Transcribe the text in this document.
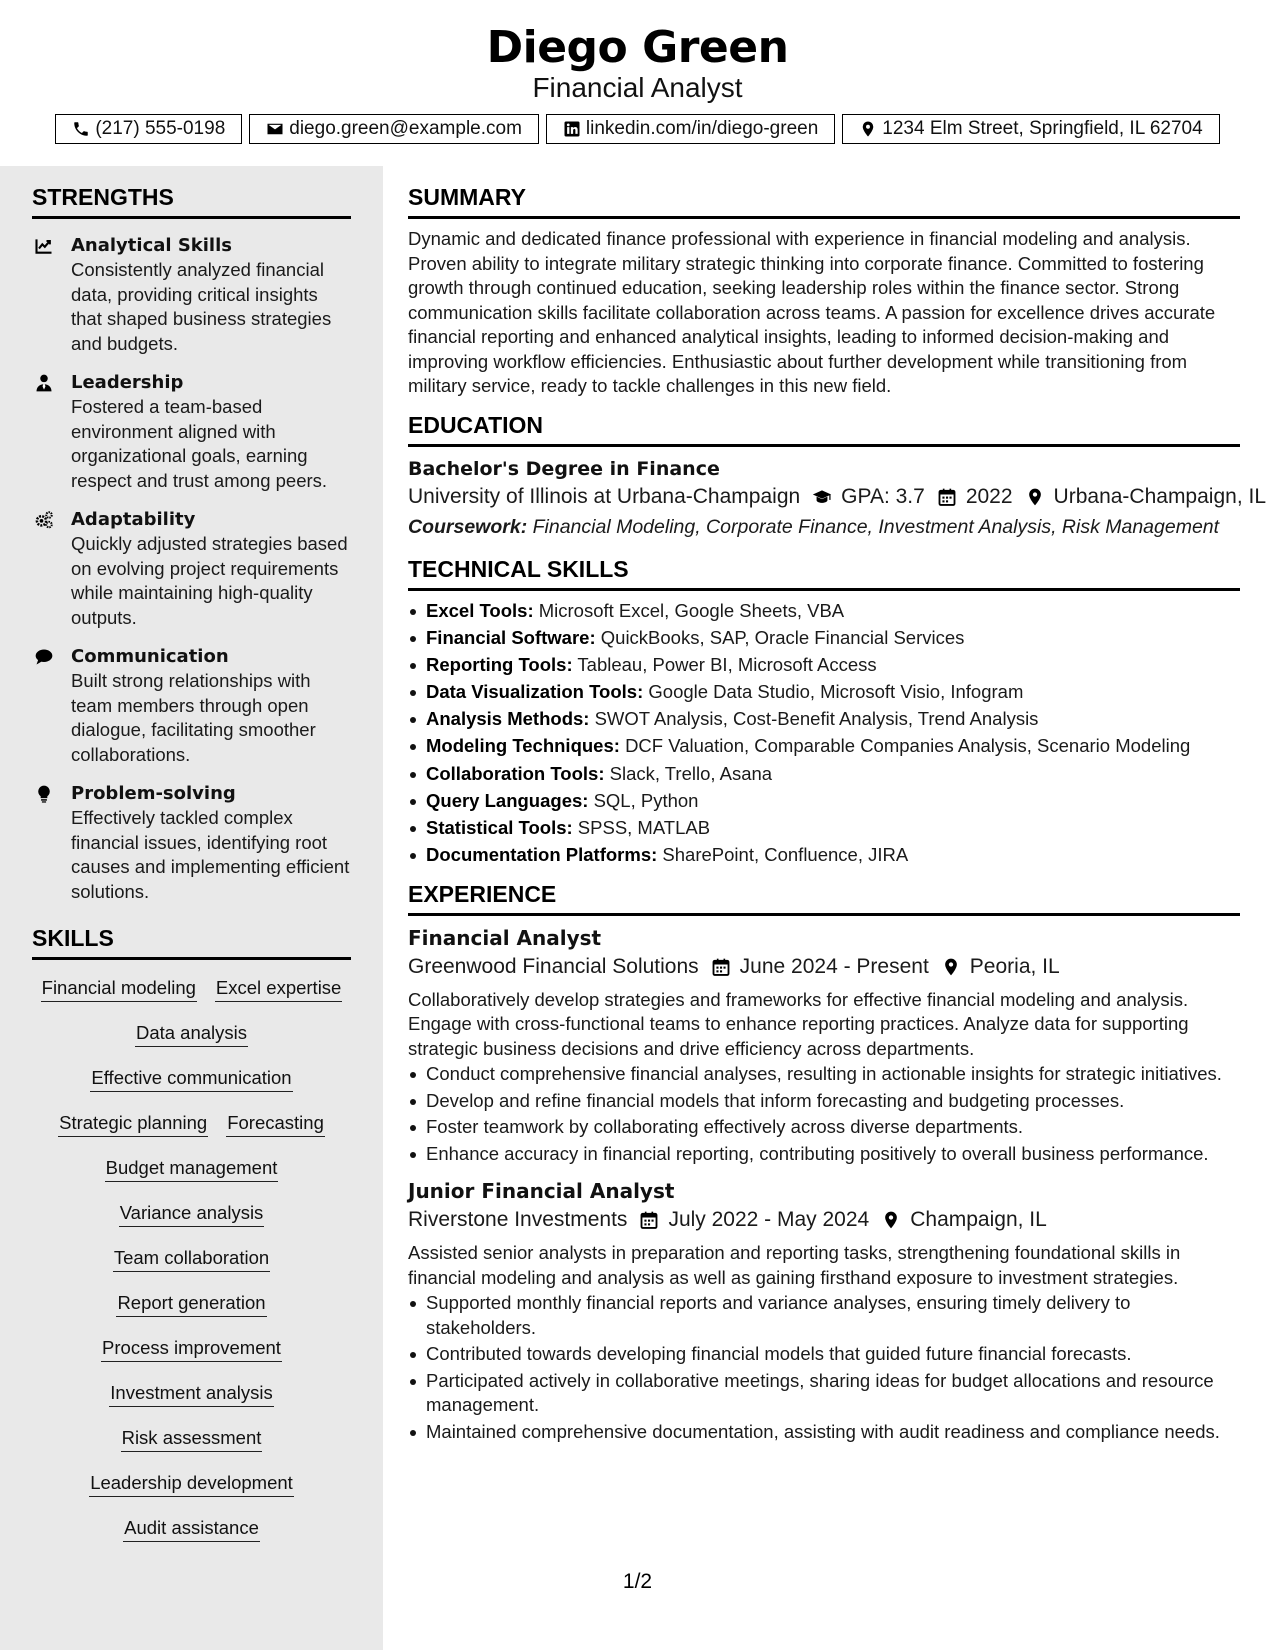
Diego Green
Financial Analyst
(217) 555-0198	diego.green@example.com	linkedin.com/in/diego-green	1234 Elm Street, Springfield, IL 62704
STRENGTHS
Analytical Skills
Consistently analyzed financial data, providing critical insights that shaped business strategies and budgets.
Leadership
Fostered a team-based environment aligned with organizational goals, earning respect and trust among peers.
Adaptability
Quickly adjusted strategies based on evolving project requirements while maintaining high-quality outputs.
Communication
Built strong relationships with team members through open dialogue, facilitating smoother collaborations.
Problem-solving
Effectively tackled complex financial issues, identifying root causes and implementing efficient solutions.
SKILLS
Financial modeling Excel expertise
Data analysis
Effective communication
Strategic planning Forecasting
Budget management
Variance analysis
Team collaboration
Report generation
Process improvement
Investment analysis
Risk assessment
Leadership development
Audit assistance
SUMMARY
Dynamic and dedicated finance professional with experience in financial modeling and analysis. Proven ability to integrate military strategic thinking into corporate finance. Committed to fostering growth through continued education, seeking leadership roles within the finance sector. Strong communication skills facilitate collaboration across teams. A passion for excellence drives accurate financial reporting and enhanced analytical insights, leading to informed decision-making and improving workflow efficiencies. Enthusiastic about further development while transitioning from military service, ready to tackle challenges in this new field.
EDUCATION
Bachelor's Degree in Finance
University of Illinois at Urbana-Champaign GPA: 3.7 2022 Urbana-Champaign, IL
Coursework: Financial Modeling, Corporate Finance, Investment Analysis, Risk Management
TECHNICAL SKILLS
Excel Tools: Microsoft Excel, Google Sheets, VBA
Financial Software: QuickBooks, SAP, Oracle Financial Services
Reporting Tools: Tableau, Power BI, Microsoft Access
Data Visualization Tools: Google Data Studio, Microsoft Visio, Infogram
Analysis Methods: SWOT Analysis, Cost-Benefit Analysis, Trend Analysis
Modeling Techniques: DCF Valuation, Comparable Companies Analysis, Scenario Modeling
Collaboration Tools: Slack, Trello, Asana
Query Languages: SQL, Python
Statistical Tools: SPSS, MATLAB
Documentation Platforms: SharePoint, Confluence, JIRA
EXPERIENCE
Financial Analyst
Greenwood Financial Solutions June 2024 - Present Peoria, IL
Collaboratively develop strategies and frameworks for effective financial modeling and analysis. Engage with cross-functional teams to enhance reporting practices. Analyze data for supporting strategic business decisions and drive efficiency across departments.
Conduct comprehensive financial analyses, resulting in actionable insights for strategic initiatives.
Develop and refine financial models that inform forecasting and budgeting processes.
Foster teamwork by collaborating effectively across diverse departments.
Enhance accuracy in financial reporting, contributing positively to overall business performance.
Junior Financial Analyst
Riverstone Investments July 2022 - May 2024 Champaign, IL
Assisted senior analysts in preparation and reporting tasks, strengthening foundational skills in financial modeling and analysis as well as gaining firsthand exposure to investment strategies.
Supported monthly financial reports and variance analyses, ensuring timely delivery to stakeholders.
Contributed towards developing financial models that guided future financial forecasts.
Participated actively in collaborative meetings, sharing ideas for budget allocations and resource management.
Maintained comprehensive documentation, assisting with audit readiness and compliance needs.
1/2
